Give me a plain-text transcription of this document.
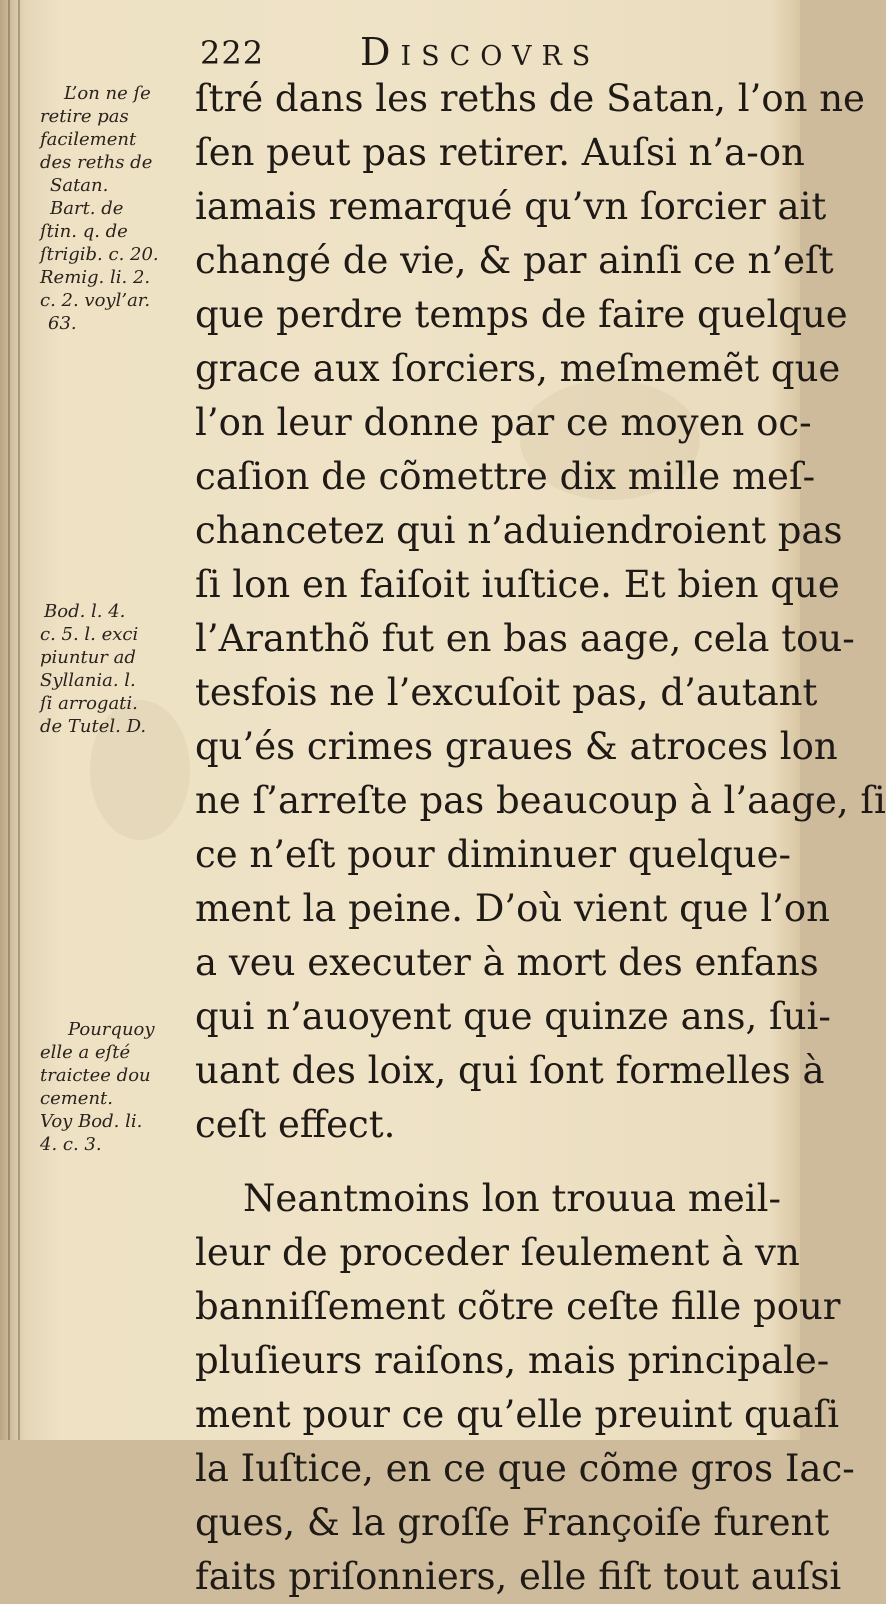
222	Discovrs
L’on ne ſe
retire pas
facilement
des reths de
Satan.
Bart. de
ſtin. q. de
ſtrigib. c. 20.
Remig. li. 2.
c. 2. voyl’ar.
63.
Bod. l. 4.
c. 5. l. exci
piuntur ad
Syllania. l.
ſi arrogati.
de Tutel. D.
Pourquoy
elle a eſté
traictee dou
cement.
Voy Bod. li.
4. c. 3.
ſtré dans les reths de Satan, l’on ne
ſen peut pas retirer. Auſsi n’a-on
iamais remarqué qu’vn ſorcier ait
changé de vie, & par ainſi ce n’eſt
que perdre temps de faire quelque
grace aux ſorciers, meſmemẽt que
l’on leur donne par ce moyen oc-
caſion de cõmettre dix mille meſ-
chancetez qui n’aduiendroient pas
ſi lon en faiſoit iuſtice. Et bien que
l’Aranthõ fut en bas aage, cela tou-
tesfois ne l’excuſoit pas, d’autant
qu’és crimes graues & atroces lon
ne ſ’arreſte pas beaucoup à l’aage, ſi
ce n’eſt pour diminuer quelque-
ment la peine. D’où vient que l’on
a veu executer à mort des enfans
qui n’auoyent que quinze ans, ſui-
uant des loix, qui ſont formelles à
ceſt effect.
Neantmoins lon trouua meil-
leur de proceder ſeulement à vn
banniſſement cõtre ceſte fille pour
pluſieurs raiſons, mais principale-
ment pour ce qu’elle preuint quaſi
la Iuſtice, en ce que cõme gros Iac-
ques, & la groſſe Françoiſe furent
faits priſonniers, elle fiſt tout auſsi
